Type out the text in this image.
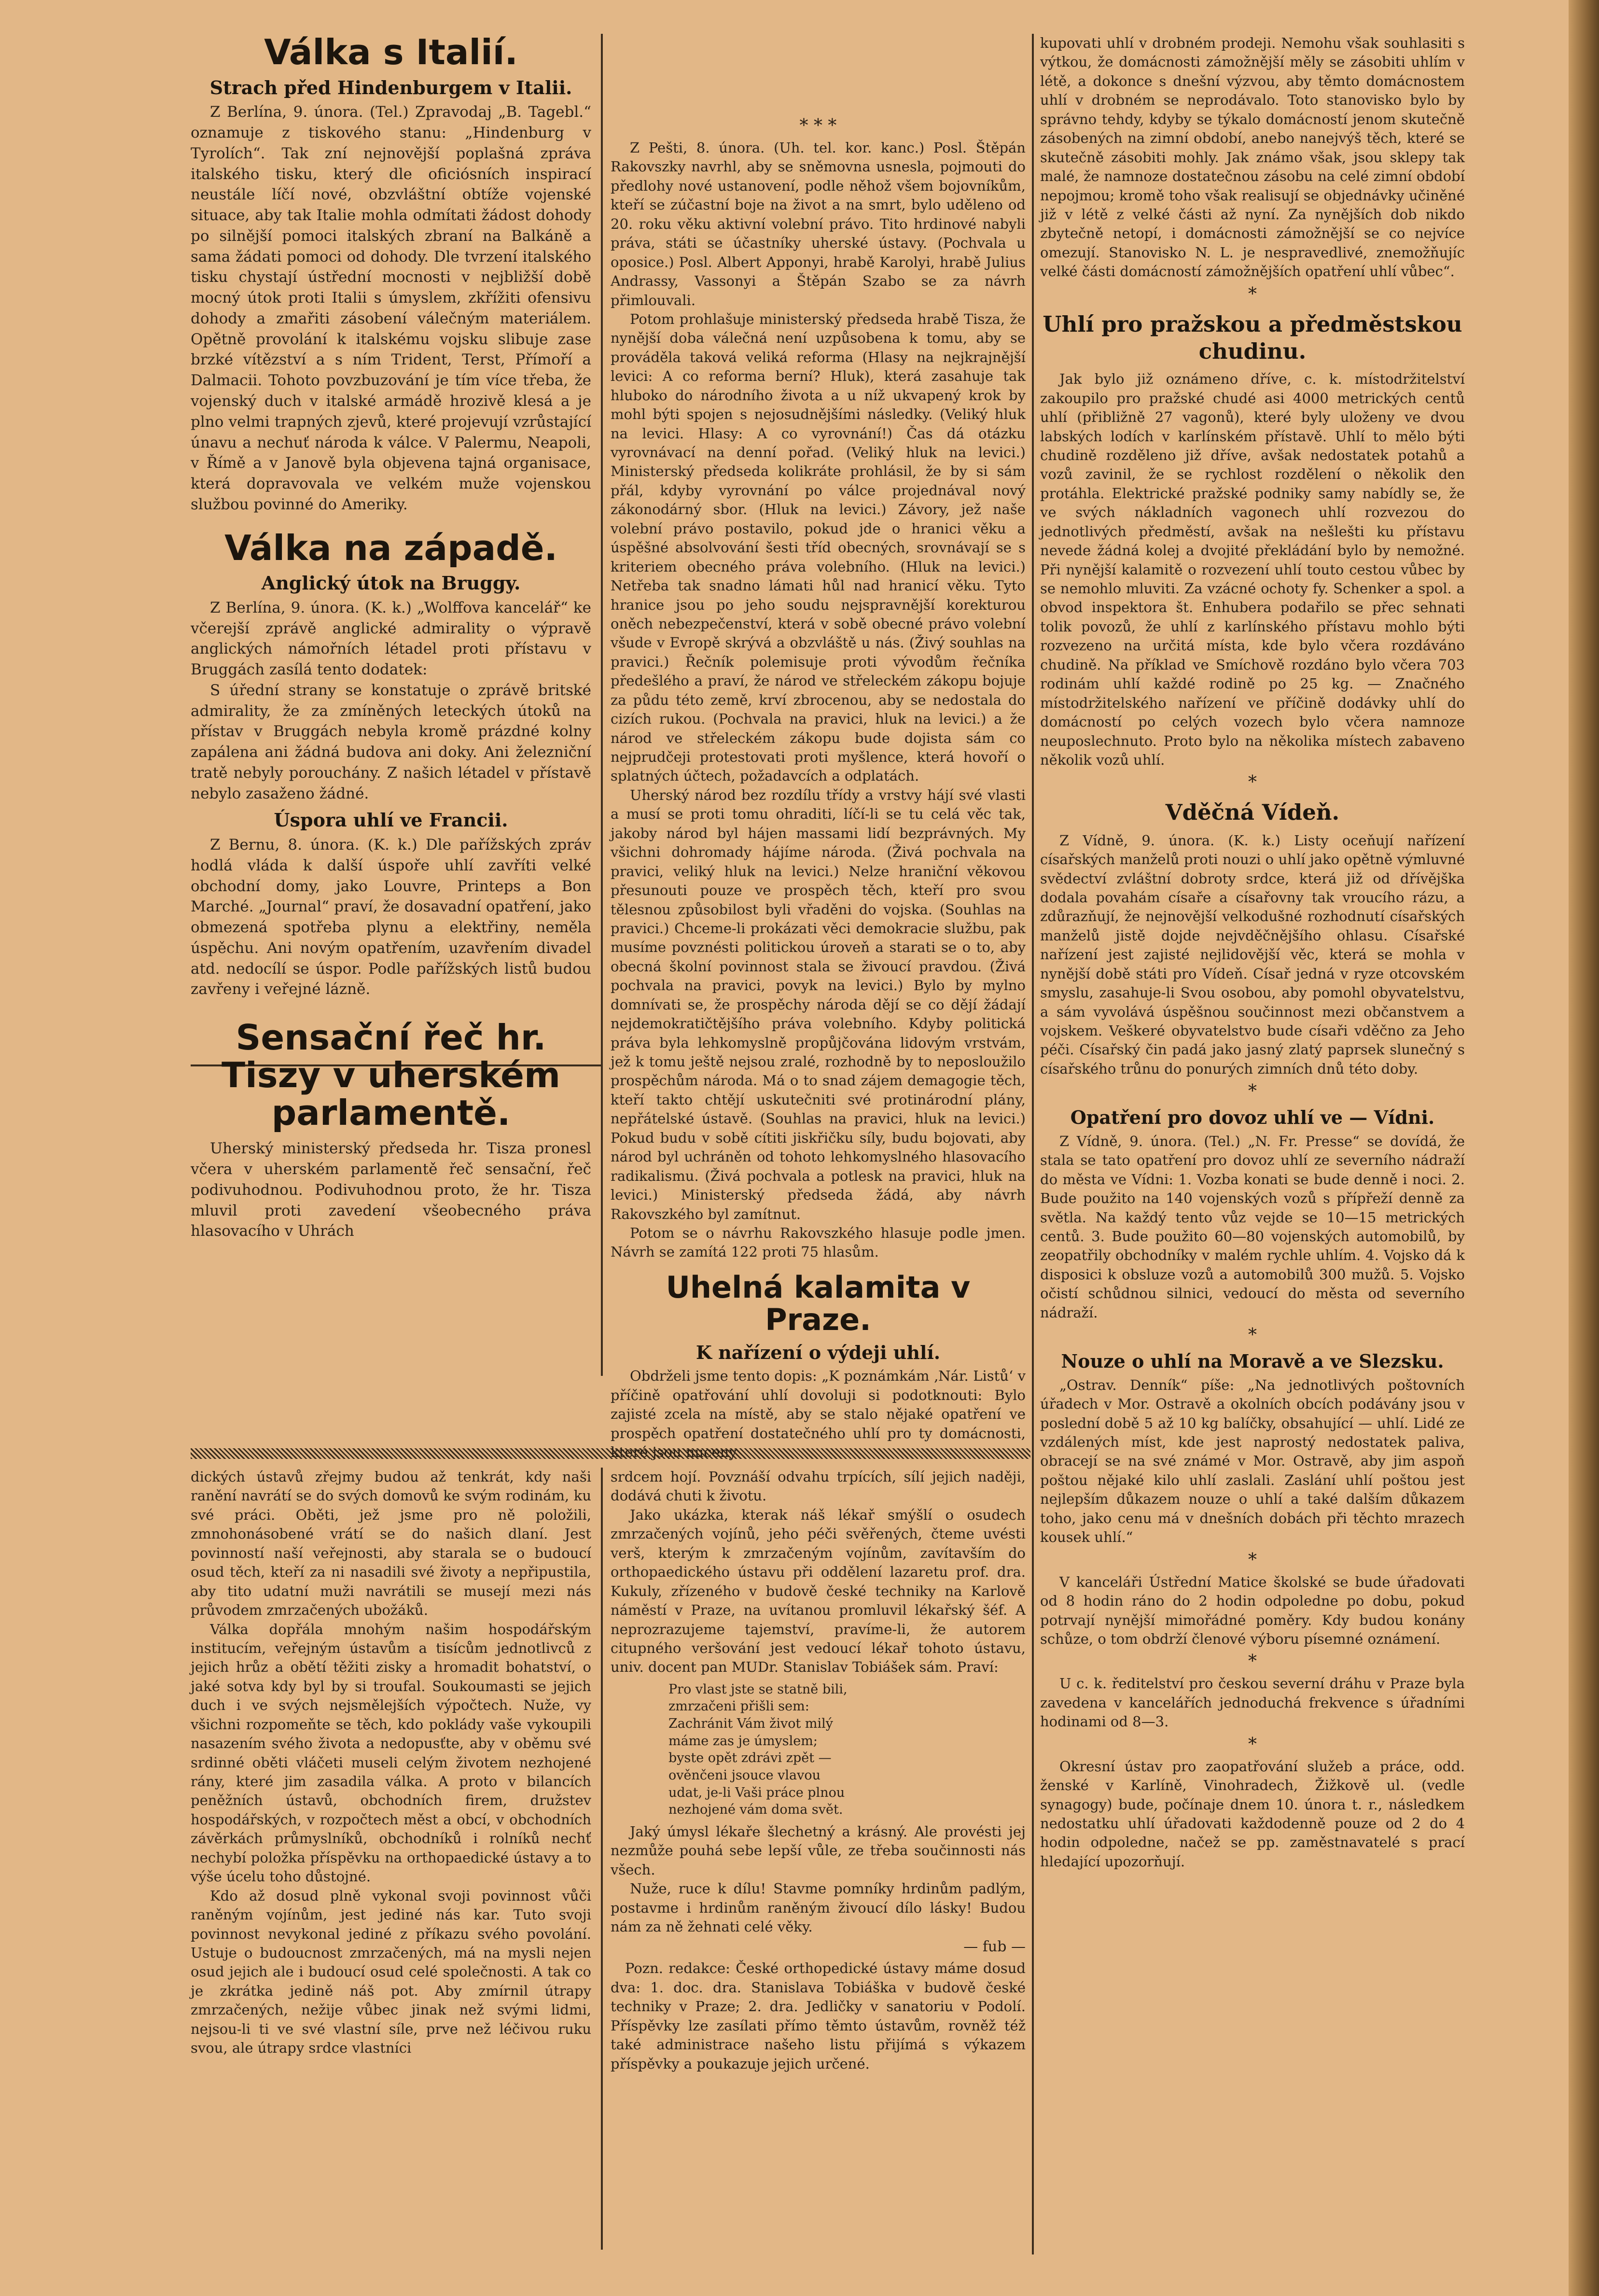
Válka s Italií.
Strach před Hindenburgem v Italii.

Z Berlína, 9. února. (Tel.) Zpravodaj „B. Tagebl.“ oznamuje z tiskového stanu: „Hindenburg v Tyrolích“. Tak zní nejnovější poplašná zpráva italského tisku, který dle oficiósních inspirací neustále líčí nové, obzvláštní obtíže vojenské situace, aby tak Italie mohla odmítati žádost dohody po silnější pomoci italských zbraní na Balkáně a sama žádati pomoci od dohody. Dle tvrzení italského tisku chystají ústřední mocnosti v nejbližší době mocný útok proti Italii s úmyslem, zkřížiti ofensivu dohody a zmařiti zásobení válečným materiálem. Opětně provolání k italskému vojsku slibuje zase brzké vítězství a s ním Trident, Terst, Přímoří a Dalmacii. Tohoto povzbuzování je tím více třeba, že vojenský duch v italské armádě hrozivě klesá a je plno velmi trapných zjevů, které projevují vzrůstající únavu a nechuť národa k válce. V Palermu, Neapoli, v Římě a v Janově byla objevena tajná organisace, která dopravovala ve velkém muže vojenskou službou povinné do Ameriky.

Válka na západě.
Anglický útok na Bruggy.

Z Berlína, 9. února. (K. k.) „Wolffova kancelář“ ke včerejší zprávě anglické admirality o výpravě anglických námořních létadel proti přístavu v Bruggách zasílá tento dodatek:

S úřední strany se konstatuje o zprávě britské admirality, že za zmíněných leteckých útoků na přístav v Bruggách nebyla kromě prázdné kolny zapálena ani žádná budova ani doky. Ani železniční tratě nebyly porouchány. Z našich létadel v přístavě nebylo zasaženo žádné.

Úspora uhlí ve Francii.

Z Bernu, 8. února. (K. k.) Dle pařížských zpráv hodlá vláda k další úspoře uhlí zavříti velké obchodní domy, jako Louvre, Printeps a Bon Marché. „Journal“ praví, že dosavadní opatření, jako obmezená spotřeba plynu a elektřiny, neměla úspěchu. Ani novým opatřením, uzavřením divadel atd. nedocílí se úspor. Podle pařížských listů budou zavřeny i veřejné lázně.

Sensační řeč hr. Tiszy v uherském parlamentě.

Uherský ministerský předseda hr. Tisza pronesl včera v uherském parlamentě řeč sensační, řeč podivuhodnou. Podivuhodnou proto, že hr. Tisza mluvil proti zavedení všeobecného práva hlasovacího v Uhrách

* * *

Z Pešti, 8. února. (Uh. tel. kor. kanc.) Posl. Štěpán Rakovszky navrhl, aby se sněmovna usnesla, pojmouti do předlohy nové ustanovení, podle něhož všem bojovníkům, kteří se zúčastní boje na život a na smrt, bylo uděleno od 20. roku věku aktivní volební právo. Tito hrdinové nabyli práva, státi se účastníky uherské ústavy. (Pochvala u oposice.) Posl. Albert Apponyi, hrabě Karolyi, hrabě Julius Andrassy, Vassonyi a Štěpán Szabo se za návrh přimlouvali.

Potom prohlašuje ministerský předseda hrabě Tisza, že nynější doba válečná není uzpůsobena k tomu, aby se prováděla taková veliká reforma (Hlasy na nejkrajnější levici: A co reforma berní? Hluk), která zasahuje tak hluboko do národního života a u níž ukvapený krok by mohl býti spojen s nejosudnějšími následky. (Veliký hluk na levici. Hlasy: A co vyrovnání!) Čas dá otázku vyrovnávací na denní pořad. (Veliký hluk na levici.) Ministerský předseda kolikráte prohlásil, že by si sám přál, kdyby vyrovnání po válce projednával nový zákonodárný sbor. (Hluk na levici.) Závory, jež naše volební právo postavilo, pokud jde o hranici věku a úspěšné absolvování šesti tříd obecných, srovnávají se s kriteriem obecného práva volebního. (Hluk na levici.) Netřeba tak snadno lámati hůl nad hranicí věku. Tyto hranice jsou po jeho soudu nejspravnější korekturou oněch nebezpečenství, která v sobě obecné právo volební všude v Evropě skrývá a obzvláště u nás. (Živý souhlas na pravici.) Řečník polemisuje proti vývodům řečníka předešlého a praví, že národ ve střeleckém zákopu bojuje za půdu této země, krví zbrocenou, aby se nedostala do cizích rukou. (Pochvala na pravici, hluk na levici.) a že národ ve střeleckém zákopu bude dojista sám co nejprudčeji protestovati proti myšlence, která hovoří o splatných účtech, požadavcích a odplatách.

Uherský národ bez rozdílu třídy a vrstvy hájí své vlasti a musí se proti tomu ohraditi, líčí-li se tu celá věc tak, jakoby národ byl hájen massami lidí bezprávných. My všichni dohromady hájíme národa. (Živá pochvala na pravici, veliký hluk na levici.) Nelze hraniční věkovou přesunouti pouze ve prospěch těch, kteří pro svou tělesnou způsobilost byli vřaděni do vojska. (Souhlas na pravici.) Chceme-li prokázati věci demokracie službu, pak musíme povznésti politickou úroveň a starati se o to, aby obecná školní povinnost stala se živoucí pravdou. (Živá pochvala na pravici, povyk na levici.) Bylo by mylno domnívati se, že prospěchy národa dějí se co dějí žádají nejdemokratičtějšího práva volebního. Kdyby politická práva byla lehkomyslně propůjčována lidovým vrstvám, jež k tomu ještě nejsou zralé, rozhodně by to neposloužilo prospěchům národa. Má o to snad zájem demagogie těch, kteří takto chtějí uskutečniti své protinárodní plány, nepřátelské ústavě. (Souhlas na pravici, hluk na levici.) Pokud budu v sobě cítiti jiskřičku síly, budu bojovati, aby národ byl uchráněn od tohoto lehkomyslného hlasovacího radikalismu. (Živá pochvala a potlesk na pravici, hluk na levici.) Ministerský předseda žádá, aby návrh Rakovszkého byl zamítnut.

Potom se o návrhu Rakovszkého hlasuje podle jmen. Návrh se zamítá 122 proti 75 hlasům.

Uhelná kalamita v Praze.
K nařízení o výdeji uhlí.

Obdrželi jsme tento dopis: „K poznámkám ‚Nár. Listů‘ v příčině opatřování uhlí dovoluji si podotknouti: Bylo zajisté zcela na místě, aby se stalo nějaké opatření ve prospěch opatření dostatečného uhlí pro ty domácnosti, které jsou nuceny

kupovati uhlí v drobném prodeji. Nemohu však souhlasiti s výtkou, že domácnosti zámožnější měly se zásobiti uhlím v létě, a dokonce s dnešní výzvou, aby těmto domácnostem uhlí v drobném se neprodávalo. Toto stanovisko bylo by správno tehdy, kdyby se týkalo domácností jenom skutečně zásobených na zimní období, anebo nanejvýš těch, které se skutečně zásobiti mohly. Jak známo však, jsou sklepy tak malé, že namnoze dostatečnou zásobu na celé zimní období nepojmou; kromě toho však realisují se objednávky učiněné již v létě z velké části až nyní. Za nynějších dob nikdo zbytečně netopí, i domácnosti zámožnější se co nejvíce omezují. Stanovisko N. L. je nespravedlivé, znemožňujíc velké části domácností zámožnějších opatření uhlí vůbec“.

*
Uhlí pro pražskou a předměstskou chudinu.

Jak bylo již oznámeno dříve, c. k. místodržitelství zakoupilo pro pražské chudé asi 4000 metrických centů uhlí (přibližně 27 vagonů), které byly uloženy ve dvou labských lodích v karlínském přístavě. Uhlí to mělo býti chudině rozděleno již dříve, avšak nedostatek potahů a vozů zavinil, že se rychlost rozdělení o několik den protáhla. Elektrické pražské podniky samy nabídly se, že ve svých nákladních vagonech uhlí rozvezou do jednotlivých předměstí, avšak na nešlešti ku přístavu nevede žádná kolej a dvojité překládání bylo by nemožné. Při nynější kalamitě o rozvezení uhlí touto cestou vůbec by se nemohlo mluviti. Za vzácné ochoty fy. Schenker a spol. a obvod inspektora št. Enhubera podařilo se přec sehnati tolik povozů, že uhlí z karlínského přístavu mohlo býti rozvezeno na určitá místa, kde bylo včera rozdáváno chudině. Na příklad ve Smíchově rozdáno bylo včera 703 rodinám uhlí každé rodině po 25 kg. — Značného místodržitelského nařízení ve příčině dodávky uhlí do domácností po celých vozech bylo včera namnoze neuposlechnuto. Proto bylo na několika místech zabaveno několik vozů uhlí.

*
Vděčná Vídeň.

Z Vídně, 9. února. (K. k.) Listy oceňují nařízení císařských manželů proti nouzi o uhlí jako opětně výmluvné svědectví zvláštní dobroty srdce, která již od dřívějška dodala povahám císaře a císařovny tak vroucího rázu, a zdůrazňují, že nejnovější velkodušné rozhodnutí císařských manželů jistě dojde nejvděčnějšího ohlasu. Císařské nařízení jest zajisté nejlidovější věc, která se mohla v nynější době státi pro Vídeň. Císař jedná v ryze otcovském smyslu, zasahuje-li Svou osobou, aby pomohl obyvatelstvu, a sám vyvolává úspěšnou součinnost mezi občanstvem a vojskem. Veškeré obyvatelstvo bude císaři vděčno za Jeho péči. Císařský čin padá jako jasný zlatý paprsek slunečný s císařského trůnu do ponurých zimních dnů této doby.

*
Opatření pro dovoz uhlí ve — Vídni.

Z Vídně, 9. února. (Tel.) „N. Fr. Presse“ se dovídá, že stala se tato opatření pro dovoz uhlí ze severního nádraží do města ve Vídni: 1. Vozba konati se bude denně i noci. 2. Bude použito na 140 vojenských vozů s přípřeží denně za světla. Na každý tento vůz vejde se 10—15 metrických centů. 3. Bude použito 60—80 vojenských automobilů, by zeopatřily obchodníky v malém rychle uhlím. 4. Vojsko dá k disposici k obsluze vozů a automobilů 300 mužů. 5. Vojsko očistí schůdnou silnici, vedoucí do města od severního nádraží.

*
Nouze o uhlí na Moravě a ve Slezsku.

„Ostrav. Denník“ píše: „Na jednotlivých poštovních úřadech v Mor. Ostravě a okolních obcích podávány jsou v poslední době 5 až 10 kg balíčky, obsahující — uhlí. Lidé ze vzdálených míst, kde jest naprostý nedostatek paliva, obracejí se na své známé v Mor. Ostravě, aby jim aspoň poštou nějaké kilo uhlí zaslali. Zaslání uhlí poštou jest nejlepším důkazem nouze o uhlí a také dalším důkazem toho, jako cenu má v dnešních dobách při těchto mrazech kousek uhlí.“

*

V kanceláři Ústřední Matice školské se bude úřadovati od 8 hodin ráno do 2 hodin odpoledne po dobu, pokud potrvají nynější mimořádné poměry. Kdy budou konány schůze, o tom obdrží členové výboru písemné oznámení.

*

U c. k. ředitelství pro českou severní dráhu v Praze byla zavedena v kancelářích jednoduchá frekvence s úřadními hodinami od 8—3.

*

Okresní ústav pro zaopatřování služeb a práce, odd. ženské v Karlíně, Vinohradech, Žižkově ul. (vedle synagogy) bude, počínaje dnem 10. února t. r., následkem nedostatku uhlí úřadovati každodenně pouze od 2 do 4 hodin odpoledne, načež se pp. zaměstnavatelé s prací hledající upozorňují.

dických ústavů zřejmy budou až tenkrát, kdy naši ranění navrátí se do svých domovů ke svým rodinám, ku své práci. Oběti, jež jsme pro ně položili, zmnohonásobené vrátí se do našich dlaní. Jest povinností naší veřejnosti, aby starala se o budoucí osud těch, kteří za ni nasadili své životy a nepřipustila, aby tito udatní muži navrátili se musejí mezi nás průvodem zmrzačených ubožáků.

Válka dopřála mnohým našim hospodářským institucím, veřejným ústavům a tisícům jednotlivců z jejich hrůz a obětí těžiti zisky a hromadit bohatství, o jaké sotva kdy byl by si troufal. Soukoumasti se jejich duch i ve svých nejsmělejších výpočtech. Nuže, vy všichni rozpomeňte se těch, kdo poklády vaše vykoupili nasazením svého života a nedopusťte, aby v oběmu své srdinné oběti vláčeti museli celým životem nezhojené rány, které jim zasadila válka. A proto v bilancích peněžních ústavů, obchodních firem, družstev hospodářských, v rozpočtech měst a obcí, v obchodních závěrkách průmyslníků, obchodníků i rolníků nechť nechybí položka příspěvku na orthopaedické ústavy a to výše úcelu toho důstojné.

Kdo až dosud plně vykonal svoji povinnost vůči raněným vojínům, jest jediné nás kar. Tuto svoji povinnost nevykonal jediné z příkazu svého povolání. Ustuje o budoucnost zmrzačených, má na mysli nejen osud jejich ale i budoucí osud celé společnosti. A tak co je zkrátka jedině náš pot. Aby zmírnil útrapy zmrzačených, nežije vůbec jinak než svými lidmi, nejsou-li ti ve své vlastní síle, prve než léčivou ruku svou, ale útrapy srdce vlastníci

srdcem hojí. Povznáší odvahu trpících, sílí jejich naději, dodává chuti k životu.

Jako ukázka, kterak náš lékař smýšlí o osudech zmrzačených vojínů, jeho péči svěřených, čteme uvésti verš, kterým k zmrzačeným vojínům, zavítavším do orthopaedického ústavu při oddělení lazaretu prof. dra. Kukuly, zřízeného v budově české techniky na Karlově náměstí v Praze, na uvítanou promluvil lékařský šéf. A neprozrazujeme tajemství, pravíme-li, že autorem citupného veršování jest vedoucí lékař tohoto ústavu, univ. docent pan MUDr. Stanislav Tobiášek sám. Praví:

Pro vlast jste se statně bili,
zmrzačeni přišli sem:
Zachránit Vám život milý
máme zas je úmyslem;
byste opět zdrávi zpět —
ověnčeni jsouce vlavou
udat, je-li Vaši práce plnou
nezhojené vám doma svět.

Jaký úmysl lékaře šlechetný a krásný. Ale provésti jej nezmůže pouhá sebe lepší vůle, ze třeba součinnosti nás všech.

Nuže, ruce k dílu! Stavme pomníky hrdinům padlým, postavme i hrdinům raněným živoucí dílo lásky! Budou nám za ně žehnati celé věky.

— fub —

Pozn. redakce: České orthopedické ústavy máme dosud dva: 1. doc. dra. Stanislava Tobiáška v budově české techniky v Praze; 2. dra. Jedličky v sanatoriu v Podolí. Příspěvky lze zasílati přímo těmto ústavům, rovněž též také administrace našeho listu přijímá s výkazem příspěvky a poukazuje jejich určené.
